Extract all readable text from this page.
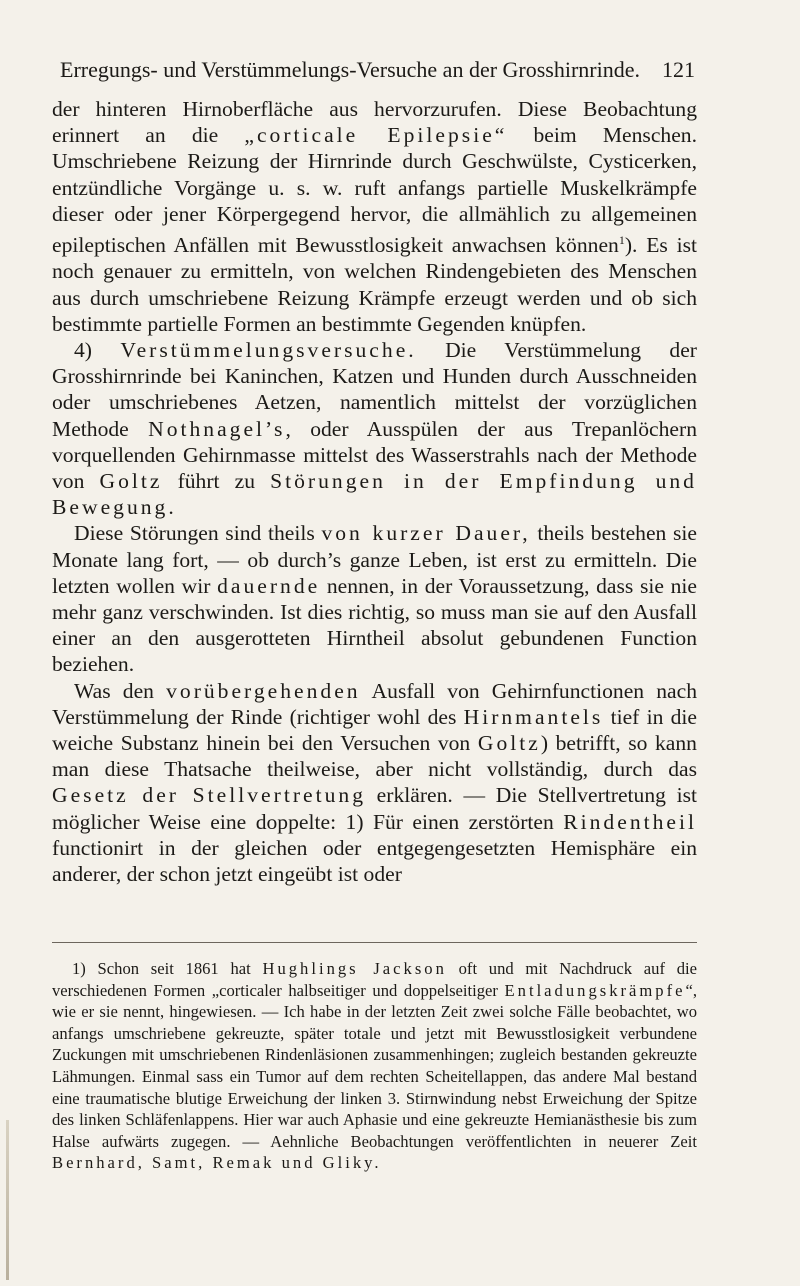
Erregungs- und Verstümmelungs-Versuche an der Grosshirnrinde. 121

der hinteren Hirnoberfläche aus hervorzurufen. Diese Beobachtung erinnert an die „corticale Epilepsie“ beim Menschen. Umschriebene Reizung der Hirnrinde durch Geschwülste, Cysticerken, entzündliche Vorgänge u. s. w. ruft anfangs partielle Muskelkrämpfe dieser oder jener Körpergegend hervor, die allmählich zu allgemeinen epileptischen Anfällen mit Bewusstlosigkeit anwachsen können$^1$). Es ist noch genauer zu ermitteln, von welchen Rindengebieten des Menschen aus durch umschriebene Reizung Krämpfe erzeugt werden und ob sich bestimmte partielle Formen an bestimmte Gegenden knüpfen.

4) Verstümmelungsversuche. Die Verstümmelung der Grosshirnrinde bei Kaninchen, Katzen und Hunden durch Ausschneiden oder umschriebenes Aetzen, namentlich mittelst der vorzüglichen Methode Nothnagel’s, oder Ausspülen der aus Trepanlöchern vorquellenden Gehirnmasse mittelst des Wasserstrahls nach der Methode von Goltz führt zu Störungen in der Empfindung und Bewegung.

Diese Störungen sind theils von kurzer Dauer, theils bestehen sie Monate lang fort, — ob durch’s ganze Leben, ist erst zu ermitteln. Die letzten wollen wir dauernde nennen, in der Voraussetzung, dass sie nie mehr ganz verschwinden. Ist dies richtig, so muss man sie auf den Ausfall einer an den ausgerotteten Hirntheil absolut gebundenen Function beziehen.

Was den vorübergehenden Ausfall von Gehirnfunctionen nach Verstümmelung der Rinde (richtiger wohl des Hirnmantels tief in die weiche Substanz hinein bei den Versuchen von Goltz) betrifft, so kann man diese Thatsache theilweise, aber nicht vollständig, durch das Gesetz der Stellvertretung erklären. — Die Stellvertretung ist möglicher Weise eine doppelte: 1) Für einen zerstörten Rindentheil functionirt in der gleichen oder entgegengesetzten Hemisphäre ein anderer, der schon jetzt eingeübt ist oder

1) Schon seit 1861 hat Hughlings Jackson oft und mit Nachdruck auf die verschiedenen Formen „corticaler halbseitiger und doppelseitiger Entladungskrämpfe“, wie er sie nennt, hingewiesen. — Ich habe in der letzten Zeit zwei solche Fälle beobachtet, wo anfangs umschriebene gekreuzte, später totale und jetzt mit Bewusstlosigkeit verbundene Zuckungen mit umschriebenen Rindenläsionen zusammenhingen; zugleich bestanden gekreuzte Lähmungen. Einmal sass ein Tumor auf dem rechten Scheitellappen, das andere Mal bestand eine traumatische blutige Erweichung der linken 3. Stirnwindung nebst Erweichung der Spitze des linken Schläfenlappens. Hier war auch Aphasie und eine gekreuzte Hemianästhesie bis zum Halse aufwärts zugegen. — Aehnliche Beobachtungen veröffentlichten in neuerer Zeit Bernhard, Samt, Remak und Gliky.
